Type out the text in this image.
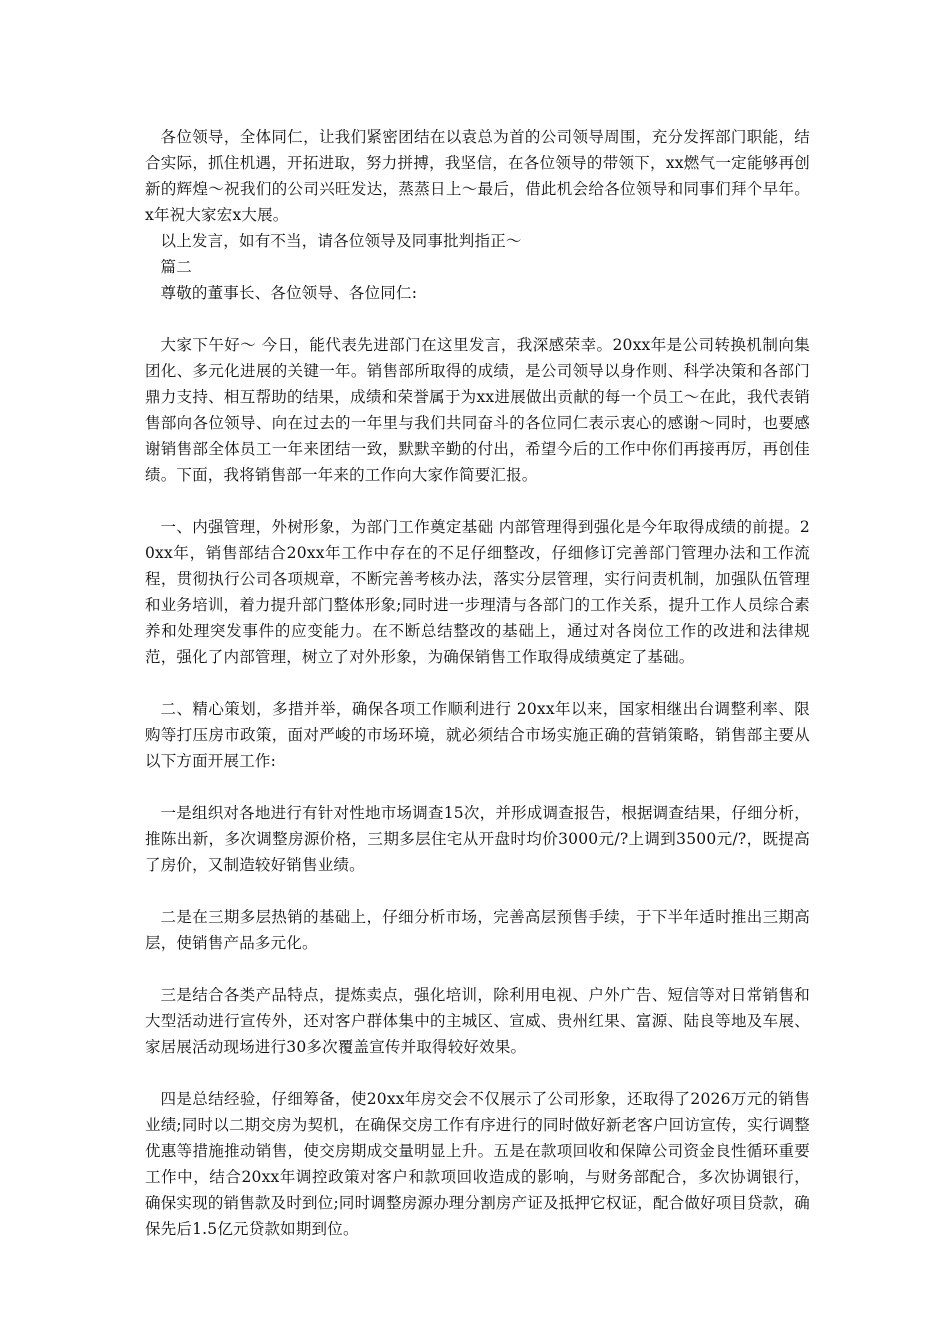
各位领导，全体同仁，让我们紧密团结在以袁总为首的公司领导周围，充分发挥部门职能，结合实际，抓住机遇，开拓进取，努力拼搏，我坚信，在各位领导的带领下，xx燃气一定能够再创新的辉煌～祝我们的公司兴旺发达，蒸蒸日上～最后，借此机会给各位领导和同事们拜个早年。x年祝大家宏x大展。

以上发言，如有不当，请各位领导及同事批判指正～

篇二

尊敬的董事长、各位领导、各位同仁:

大家下午好～ 今日，能代表先进部门在这里发言，我深感荣幸。20xx年是公司转换机制向集团化、多元化进展的关键一年。销售部所取得的成绩，是公司领导以身作则、科学决策和各部门鼎力支持、相互帮助的结果，成绩和荣誉属于为xx进展做出贡献的每一个员工～在此，我代表销售部向各位领导、向在过去的一年里与我们共同奋斗的各位同仁表示衷心的感谢～同时，也要感谢销售部全体员工一年来团结一致，默默辛勤的付出，希望今后的工作中你们再接再厉，再创佳绩。下面，我将销售部一年来的工作向大家作简要汇报。

一、内强管理，外树形象，为部门工作奠定基础 内部管理得到强化是今年取得成绩的前提。20xx年，销售部结合20xx年工作中存在的不足仔细整改，仔细修订完善部门管理办法和工作流程，贯彻执行公司各项规章，不断完善考核办法，落实分层管理，实行问责机制，加强队伍管理和业务培训，着力提升部门整体形象;同时进一步理清与各部门的工作关系，提升工作人员综合素养和处理突发事件的应变能力。在不断总结整改的基础上，通过对各岗位工作的改进和法律规范，强化了内部管理，树立了对外形象，为确保销售工作取得成绩奠定了基础。

二、精心策划，多措并举，确保各项工作顺利进行 20xx年以来，国家相继出台调整利率、限购等打压房市政策，面对严峻的市场环境，就必须结合市场实施正确的营销策略，销售部主要从以下方面开展工作:

一是组织对各地进行有针对性地市场调查15次，并形成调查报告，根据调查结果，仔细分析，推陈出新，多次调整房源价格，三期多层住宅从开盘时均价3000元/?上调到3500元/?，既提高了房价，又制造较好销售业绩。

二是在三期多层热销的基础上，仔细分析市场，完善高层预售手续，于下半年适时推出三期高层，使销售产品多元化。

三是结合各类产品特点，提炼卖点，强化培训，除利用电视、户外广告、短信等对日常销售和大型活动进行宣传外，还对客户群体集中的主城区、宣威、贵州红果、富源、陆良等地及车展、家居展活动现场进行30多次覆盖宣传并取得较好效果。

四是总结经验，仔细筹备，使20xx年房交会不仅展示了公司形象，还取得了2026万元的销售业绩;同时以二期交房为契机，在确保交房工作有序进行的同时做好新老客户回访宣传，实行调整优惠等措施推动销售，使交房期成交量明显上升。五是在款项回收和保障公司资金良性循环重要工作中，结合20xx年调控政策对客户和款项回收造成的影响，与财务部配合，多次协调银行，确保实现的销售款及时到位;同时调整房源办理分割房产证及抵押它权证，配合做好项目贷款，确保先后1.5亿元贷款如期到位。
